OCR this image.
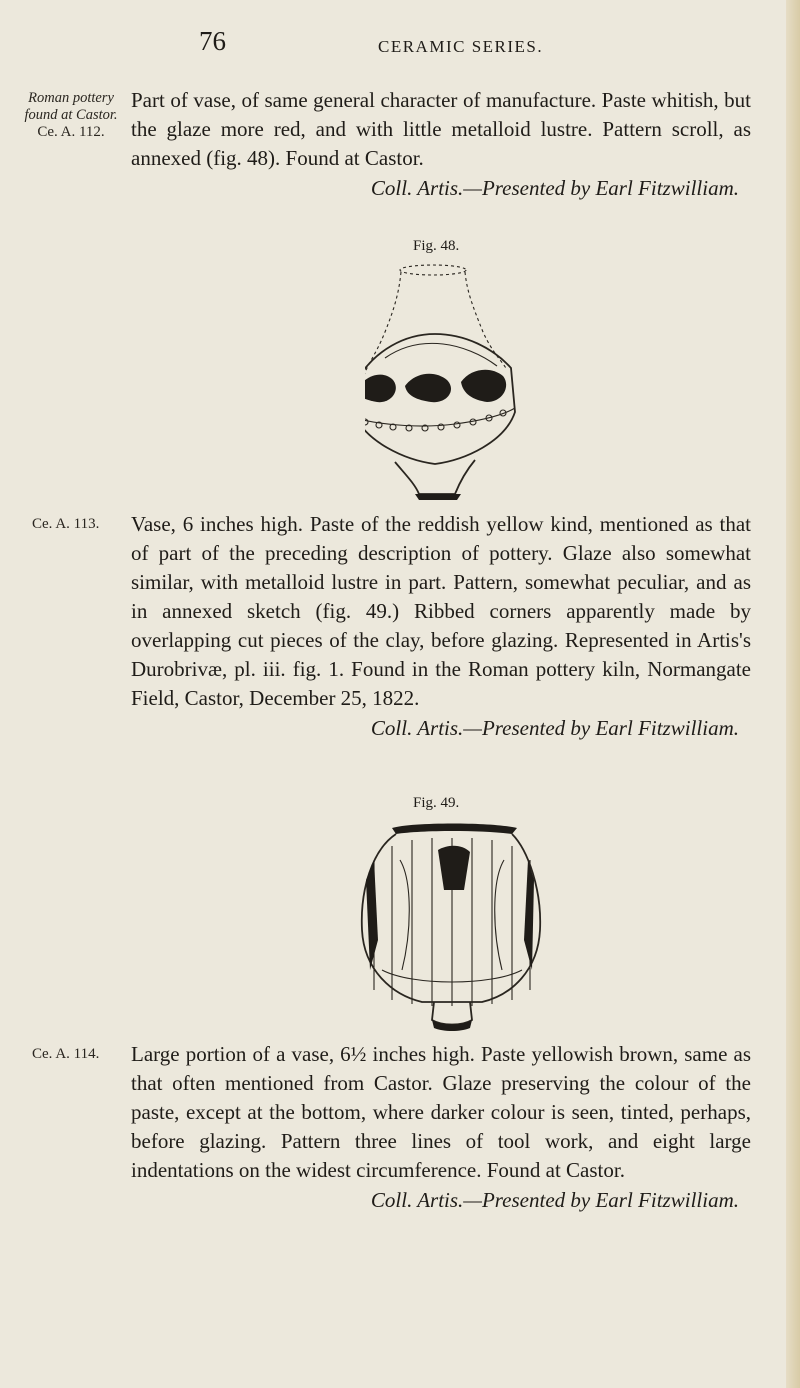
76	CERAMIC SERIES.
Roman pottery found at Castor.
Ce. A. 112.

Part of vase, of same general character of manufacture. Paste whitish, but the glaze more red, and with little metalloid lustre. Pattern scroll, as annexed (fig. 48). Found at Castor.

Coll. Artis.—Presented by Earl Fitzwilliam.

Fig. 48.
Ce. A. 113.	Vase, 6 inches high. Paste of the reddish yellow kind, mentioned as that of part of the preceding description of pottery. Glaze also somewhat similar, with metalloid lustre in part. Pattern, somewhat peculiar, and as in annexed sketch (fig. 49.) Ribbed corners apparently made by overlapping cut pieces of the clay, before glazing. Represented in Artis's Durobrivæ, pl. iii. fig. 1. Found in the Roman pottery kiln, Normangate Field, Castor, December 25, 1822.

Coll. Artis.—Presented by Earl Fitzwilliam.

Fig. 49.
Ce. A. 114.	Large portion of a vase, 6½ inches high. Paste yellowish brown, same as that often mentioned from Castor. Glaze preserving the colour of the paste, except at the bottom, where darker colour is seen, tinted, perhaps, before glazing. Pattern three lines of tool work, and eight large indentations on the widest circumference. Found at Castor.

Coll. Artis.—Presented by Earl Fitzwilliam.
